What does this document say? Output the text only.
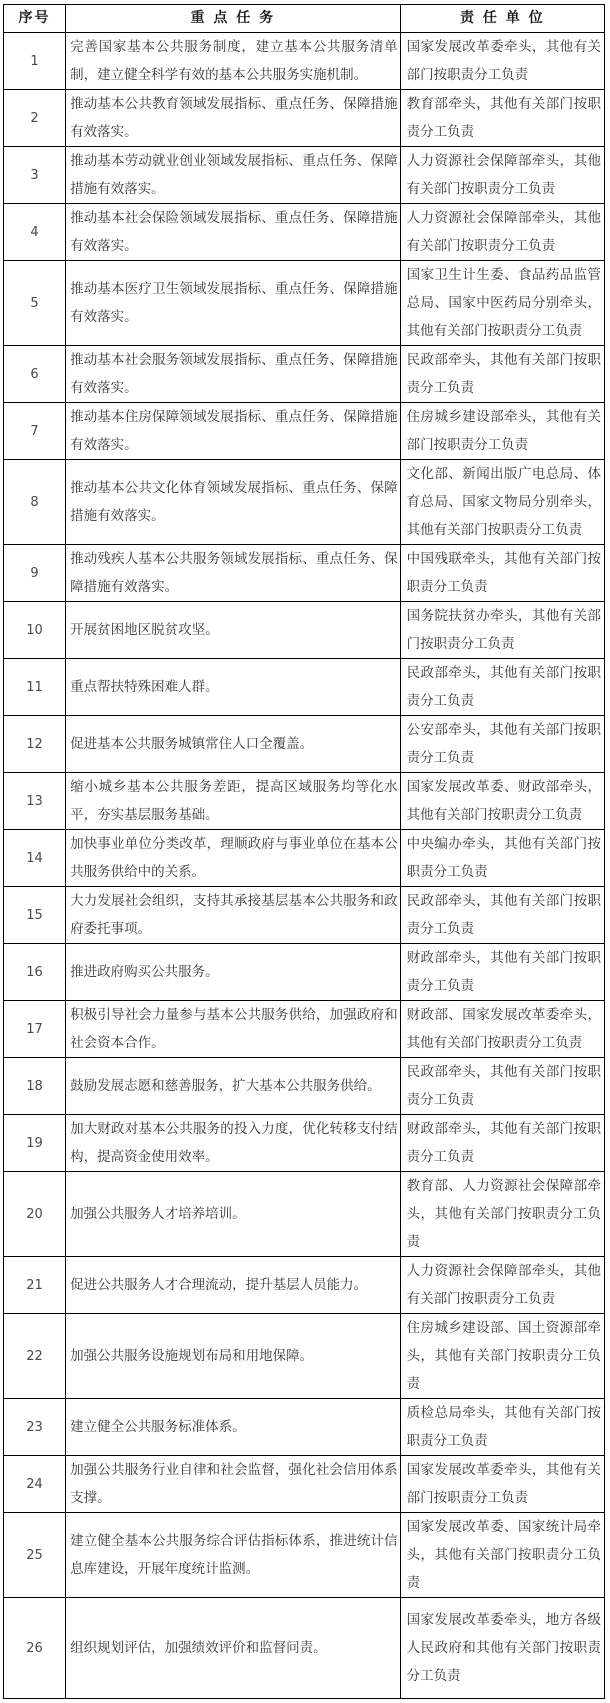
序号	重 点 任 务	责 任 单 位
1	完善国家基本公共服务制度，建立基本公共服务清单制，建立健全科学有效的基本公共服务实施机制。	国家发展改革委牵头，其他有关部门按职责分工负责
2	推动基本公共教育领域发展指标、重点任务、保障措施有效落实。	教育部牵头，其他有关部门按职责分工负责
3	推动基本劳动就业创业领域发展指标、重点任务、保障措施有效落实。	人力资源社会保障部牵头，其他有关部门按职责分工负责
4	推动基本社会保险领域发展指标、重点任务、保障措施有效落实。	人力资源社会保障部牵头，其他有关部门按职责分工负责
5	推动基本医疗卫生领域发展指标、重点任务、保障措施有效落实。	国家卫生计生委、食品药品监管总局、国家中医药局分别牵头，其他有关部门按职责分工负责
6	推动基本社会服务领域发展指标、重点任务、保障措施有效落实。	民政部牵头，其他有关部门按职责分工负责
7	推动基本住房保障领域发展指标、重点任务、保障措施有效落实。	住房城乡建设部牵头，其他有关部门按职责分工负责
8	推动基本公共文化体育领域发展指标、重点任务、保障措施有效落实。	文化部、新闻出版广电总局、体育总局、国家文物局分别牵头，其他有关部门按职责分工负责
9	推动残疾人基本公共服务领域发展指标、重点任务、保障措施有效落实。	中国残联牵头，其他有关部门按职责分工负责
10	开展贫困地区脱贫攻坚。	国务院扶贫办牵头，其他有关部门按职责分工负责
11	重点帮扶特殊困难人群。	民政部牵头，其他有关部门按职责分工负责
12	促进基本公共服务城镇常住人口全覆盖。	公安部牵头，其他有关部门按职责分工负责
13	缩小城乡基本公共服务差距，提高区域服务均等化水平，夯实基层服务基础。	国家发展改革委、财政部牵头，其他有关部门按职责分工负责
14	加快事业单位分类改革，理顺政府与事业单位在基本公共服务供给中的关系。	中央编办牵头，其他有关部门按职责分工负责
15	大力发展社会组织，支持其承接基层基本公共服务和政府委托事项。	民政部牵头，其他有关部门按职责分工负责
16	推进政府购买公共服务。	财政部牵头，其他有关部门按职责分工负责
17	积极引导社会力量参与基本公共服务供给，加强政府和社会资本合作。	财政部、国家发展改革委牵头，其他有关部门按职责分工负责
18	鼓励发展志愿和慈善服务，扩大基本公共服务供给。	民政部牵头，其他有关部门按职责分工负责
19	加大财政对基本公共服务的投入力度，优化转移支付结构，提高资金使用效率。	财政部牵头，其他有关部门按职责分工负责
20	加强公共服务人才培养培训。	教育部、人力资源社会保障部牵头，其他有关部门按职责分工负责
21	促进公共服务人才合理流动，提升基层人员能力。	人力资源社会保障部牵头，其他有关部门按职责分工负责
22	加强公共服务设施规划布局和用地保障。	住房城乡建设部、国土资源部牵头，其他有关部门按职责分工负责
23	建立健全公共服务标准体系。	质检总局牵头，其他有关部门按职责分工负责
24	加强公共服务行业自律和社会监督，强化社会信用体系支撑。	国家发展改革委牵头，其他有关部门按职责分工负责
25	建立健全基本公共服务综合评估指标体系，推进统计信息库建设，开展年度统计监测。	国家发展改革委、国家统计局牵头，其他有关部门按职责分工负责
26	组织规划评估，加强绩效评价和监督问责。	国家发展改革委牵头，地方各级人民政府和其他有关部门按职责分工负责
